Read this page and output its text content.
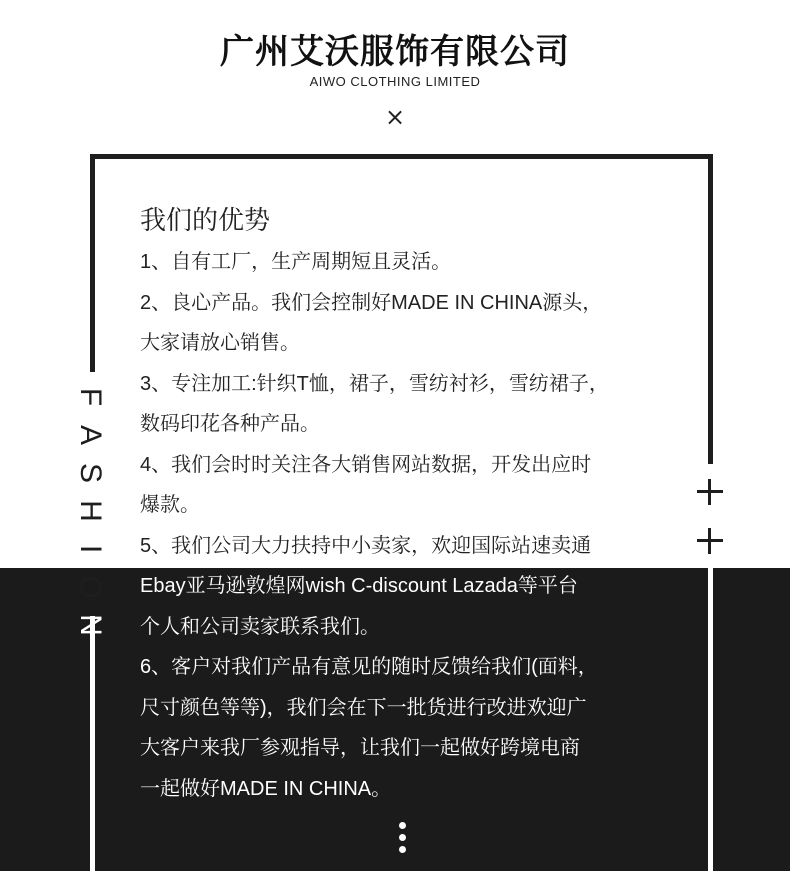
广州艾沃服饰有限公司
AIWO CLOTHING LIMITED
×
F
A
S
H
I
O
N
我们的优势
1、自有工厂，生产周期短且灵活。
2、良心产品。我们会控制好MADE IN CHINA源头，
大家请放心销售。
3、专注加工:针织T恤，裙子，雪纺衬衫，雪纺裙子，
数码印花各种产品。
4、我们会时时关注各大销售网站数据，开发出应时
爆款。
5、我们公司大力扶持中小卖家，欢迎国际站速卖通
Ebay亚马逊敦煌网wish C-discount Lazada等平台
个人和公司卖家联系我们。
6、客户对我们产品有意见的随时反馈给我们(面料，
尺寸颜色等等)，我们会在下一批货进行改进欢迎广
大客户来我厂参观指导，让我们一起做好跨境电商
一起做好MADE IN CHINA。
